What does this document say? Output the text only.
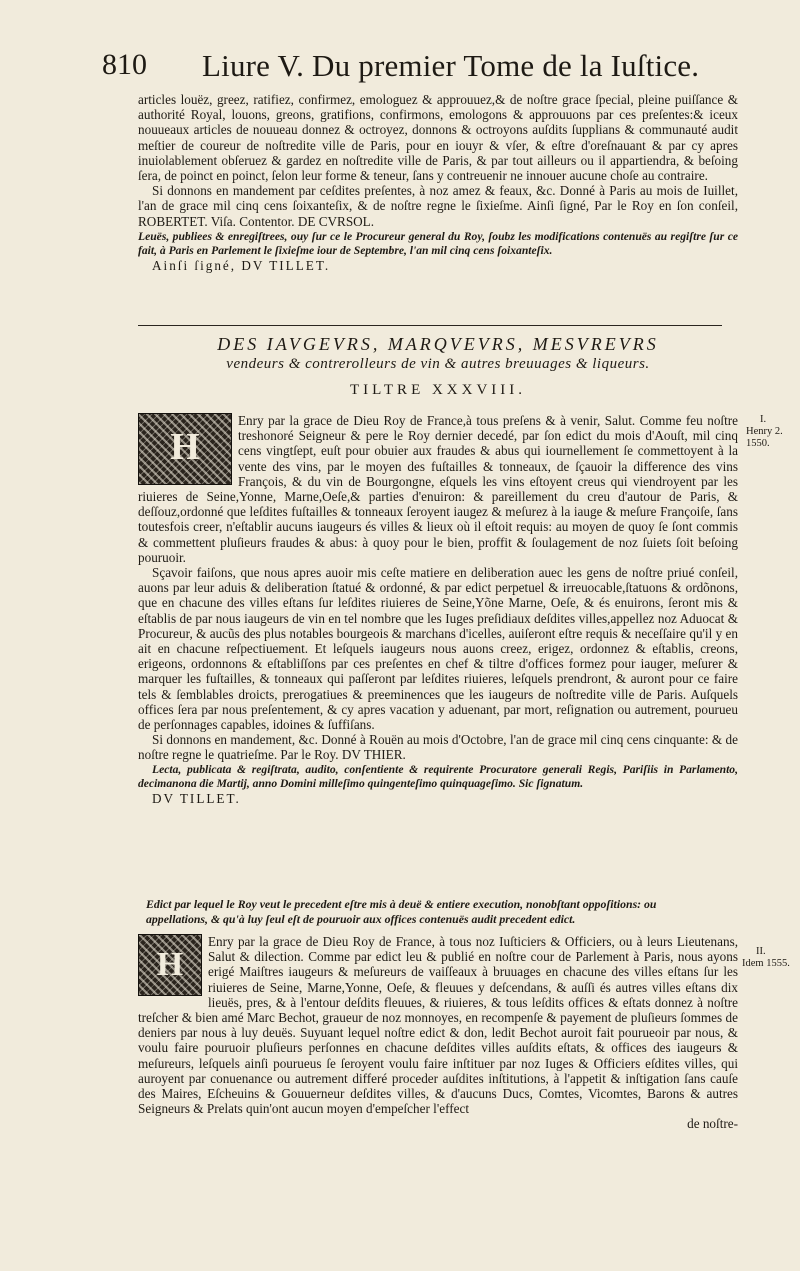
810 Liure V. Du premier Tome de la Iuſtice.

articles louëz, greez, ratifiez, confirmez, emologuez & approuuez,& de noſtre grace ſpecial, pleine puiſſance & authorité Royal, louons, greons, gratifions, confirmons, emologons & approuuons par ces preſentes:& iceux nouueaux articles de nouueau donnez & octroyez, donnons & octroyons auſdits ſupplians & communauté audit meſtier de coureur de noſtredite ville de Paris, pour en iouyr & vſer, & eſtre d'oreſnauant & par cy apres inuiolablement obſeruez & gardez en noſtredite ville de Paris, & par tout ailleurs ou il appartiendra, & beſoing ſera, de poinct en poinct, ſelon leur forme & teneur, ſans y contreuenir ne innouer aucune choſe au contraire.

Si donnons en mandement par ceſdites preſentes, à noz amez & feaux, &c. Donné à Paris au mois de Iuillet, l'an de grace mil cinq cens ſoixanteſix, & de noſtre regne le ſixieſme. Ainſi ſigné, Par le Roy en ſon conſeil, ROBERTET. Viſa. Contentor. DE CVRSOL.

Leuës, publiees & enregiſtrees, ouy ſur ce le Procureur general du Roy, ſoubz les modifications contenuës au regiſtre ſur ce fait, à Paris en Parlement le ſixieſme iour de Septembre, l'an mil cinq cens ſoixanteſix.

Ainſi ſigné, DV TILLET.

DES IAVGEVRS, MARQVEVRS, MESVREVRS
vendeurs & contrerolleurs de vin & autres breuuages & liqueurs.
TILTRE XXXVIII.
I.
Henry 2.
1550.
II.
Idem 1555.
H

Enry par la grace de Dieu Roy de France,à tous preſens & à venir, Salut. Comme feu noſtre treshonoré Seigneur & pere le Roy dernier decedé, par ſon edict du mois d'Aouſt, mil cinq cens vingtſept, euſt pour obuier aux fraudes & abus qui iournellement ſe commettoyent à la vente des vins, par le moyen des fuſtailles & tonneaux, de ſçauoir la difference des vins François, & du vin de Bourgongne, eſquels les vins eſtoyent creus qui viendroyent par les riuieres de Seine,Yonne, Marne,Oeſe,& parties d'enuiron: & pareillement du creu d'autour de Paris, & deſſouz,ordonné que leſdites fuſtailles & tonneaux ſeroyent iaugez & meſurez à la iauge & meſure Françoiſe, ſans toutesfois creer, n'eſtablir aucuns iaugeurs és villes & lieux où il eſtoit requis: au moyen de quoy ſe ſont commis & commettent pluſieurs fraudes & abus: à quoy pour le bien, proffit & ſoulagement de noz ſuiets ſoit beſoing pouruoir.

Sçavoir faiſons, que nous apres auoir mis ceſte matiere en deliberation auec les gens de noſtre priué conſeil, auons par leur aduis & deliberation ſtatué & ordonné, & par edict perpetuel & irreuocable,ſtatuons & ordõnons, que en chacune des villes eſtans ſur leſdites riuieres de Seine,Yõne Marne, Oeſe, & és enuirons, ſeront mis & eſtablis de par nous iaugeurs de vin en tel nombre que les Iuges preſidiaux deſdites villes,appellez noz Aduocat & Procureur, & aucũs des plus notables bourgeois & marchans d'icelles, auiſeront eſtre requis & neceſſaire qu'il y en ait en chacune reſpectiuement. Et leſquels iaugeurs nous auons creez, erigez, ordonnez & eſtablis, creons, erigeons, ordonnons & eſtabliſſons par ces preſentes en chef & tiltre d'offices formez pour iauger, meſurer & marquer les fuſtailles, & tonneaux qui paſſeront par leſdites riuieres, leſquels prendront, & auront pour ce faire tels & ſemblables droicts, prerogatiues & preeminences que les iaugeurs de noſtredite ville de Paris. Auſquels offices ſera par nous preſentement, & cy apres vacation y aduenant, par mort, reſignation ou autrement, pourueu de perſonnages capables, idoines & ſuffiſans.

Si donnons en mandement, &c. Donné à Rouën au mois d'Octobre, l'an de grace mil cinq cens cinquante: & de noſtre regne le quatrieſme. Par le Roy. DV THIER.

Lecta, publicata & regiſtrata, audito, conſentiente & requirente Procuratore generali Regis, Pariſiis in Parlamento, decimanona die Martij, anno Domini milleſimo quingenteſimo quinquageſimo. Sic ſignatum.

DV TILLET.

Edict par lequel le Roy veut le precedent eſtre mis à deuë & entiere execution, nonobſtant oppoſitions: ou appellations, & qu'à luy ſeul eſt de pouruoir aux offices contenuës audit precedent edict.

H

Enry par la grace de Dieu Roy de France, à tous noz Iuſticiers & Officiers, ou à leurs Lieutenans, Salut & dilection. Comme par edict leu & publié en noſtre cour de Parlement à Paris, nous ayons erigé Maiſtres iaugeurs & meſureurs de vaiſſeaux à bruuages en chacune des villes eſtans ſur les riuieres de Seine, Marne,Yonne, Oeſe, & fleuues y deſcendans, & auſſi és autres villes eſtans dix lieuës, pres, & à l'entour deſdits fleuues, & riuieres, & tous leſdits offices & eſtats donnez à noſtre treſcher & bien amé Marc Bechot, graueur de noz monnoyes, en recompenſe & payement de pluſieurs ſommes de deniers par nous à luy deuës. Suyuant lequel noſtre edict & don, ledit Bechot auroit fait pourueoir par nous, & voulu faire pouruoir pluſieurs perſonnes en chacune deſdites villes auſdits eſtats, & offices des iaugeurs & meſureurs, leſquels ainſi pourueus ſe ſeroyent voulu faire inſtituer par noz Iuges & Officiers eſdites villes, qui auroyent par conuenance ou autrement differé proceder auſdites inſtitutions, à l'appetit & inſtigation ſans cauſe des Maires, Eſcheuins & Gouuerneur deſdites villes, & d'aucuns Ducs, Comtes, Vicomtes, Barons & autres Seigneurs & Prelats quin'ont aucun moyen d'empeſcher l'effect

de noſtre-
